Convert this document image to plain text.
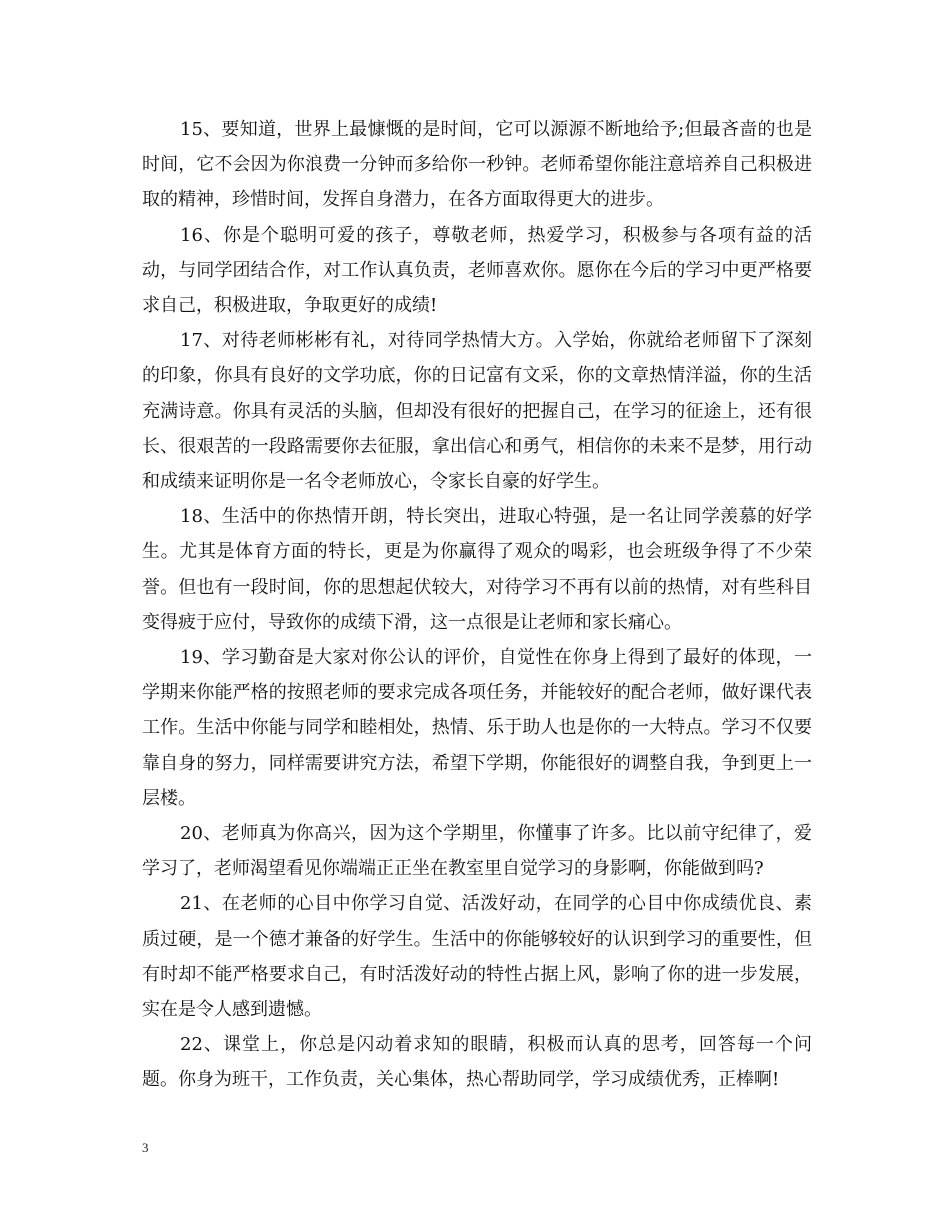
15、要知道，世界上最慷慨的是时间，它可以源源不断地给予;但最吝啬的也是时间，它不会因为你浪费一分钟而多给你一秒钟。老师希望你能注意培养自己积极进取的精神，珍惜时间，发挥自身潜力，在各方面取得更大的进步。

16、你是个聪明可爱的孩子，尊敬老师，热爱学习，积极参与各项有益的活动，与同学团结合作，对工作认真负责，老师喜欢你。愿你在今后的学习中更严格要求自己，积极进取，争取更好的成绩!

17、对待老师彬彬有礼，对待同学热情大方。入学始，你就给老师留下了深刻的印象，你具有良好的文学功底，你的日记富有文采，你的文章热情洋溢，你的生活充满诗意。你具有灵活的头脑，但却没有很好的把握自己，在学习的征途上，还有很长、很艰苦的一段路需要你去征服，拿出信心和勇气，相信你的未来不是梦，用行动和成绩来证明你是一名令老师放心，令家长自豪的好学生。

18、生活中的你热情开朗，特长突出，进取心特强，是一名让同学羡慕的好学生。尤其是体育方面的特长，更是为你赢得了观众的喝彩，也会班级争得了不少荣誉。但也有一段时间，你的思想起伏较大，对待学习不再有以前的热情，对有些科目变得疲于应付，导致你的成绩下滑，这一点很是让老师和家长痛心。

19、学习勤奋是大家对你公认的评价，自觉性在你身上得到了最好的体现，一学期来你能严格的按照老师的要求完成各项任务，并能较好的配合老师，做好课代表工作。生活中你能与同学和睦相处，热情、乐于助人也是你的一大特点。学习不仅要靠自身的努力，同样需要讲究方法，希望下学期，你能很好的调整自我，争到更上一层楼。

20、老师真为你高兴，因为这个学期里，你懂事了许多。比以前守纪律了，爱学习了，老师渴望看见你端端正正坐在教室里自觉学习的身影啊，你能做到吗?

21、在老师的心目中你学习自觉、活泼好动，在同学的心目中你成绩优良、素质过硬，是一个德才兼备的好学生。生活中的你能够较好的认识到学习的重要性，但有时却不能严格要求自己，有时活泼好动的特性占据上风，影响了你的进一步发展，实在是令人感到遗憾。

22、课堂上，你总是闪动着求知的眼睛，积极而认真的思考，回答每一个问题。你身为班干，工作负责，关心集体，热心帮助同学，学习成绩优秀，正棒啊!

3
